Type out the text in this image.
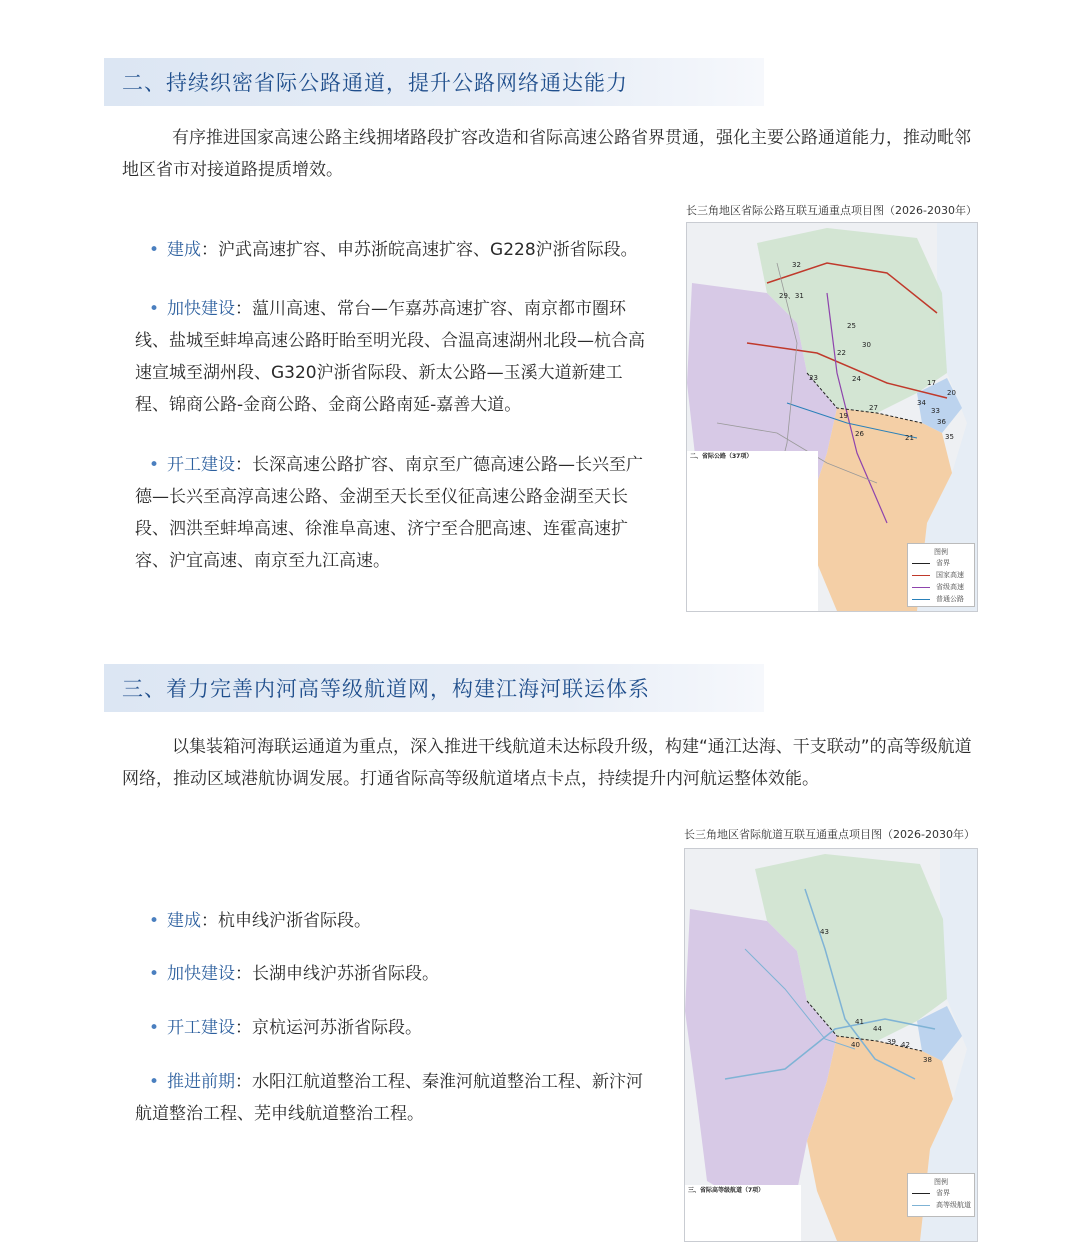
二、持续织密省际公路通道，提升公路网络通达能力

有序推进国家高速公路主线拥堵路段扩容改造和省际高速公路省界贯通，强化主要公路通道能力，推动毗邻地区省市对接道路提质增效。

• 建成：沪武高速扩容、申苏浙皖高速扩容、G228沪浙省际段。

• 加快建设：蕰川高速、常台—乍嘉苏高速扩容、南京都市圈环线、盐城至蚌埠高速公路盱眙至明光段、合温高速湖州北段—杭合高速宣城至湖州段、G320沪浙省际段、新太公路—玉溪大道新建工程、锦商公路-金商公路、金商公路南延-嘉善大道。

• 开工建设：长深高速公路扩容、南京至广德高速公路—长兴至广德—长兴至高淳高速公路、金湖至天长至仪征高速公路金湖至天长段、泗洪至蚌埠高速、徐淮阜高速、济宁至合肥高速、连霍高速扩容、沪宜高速、南京至九江高速。

长三角地区省际公路互联互通重点项目图（2026-2030年）
32
29、31
25
30
22
23	24	17
20
27
34
33
19
26
36
21	35
二、省际公路（37项）
图例
省界
国家高速
省级高速
普通公路
三、着力完善内河高等级航道网，构建江海河联运体系

以集装箱河海联运通道为重点，深入推进干线航道未达标段升级，构建“通江达海、干支联动”的高等级航道网络，推动区域港航协调发展。打通省际高等级航道堵点卡点，持续提升内河航运整体效能。

• 建成：杭申线沪浙省际段。

• 加快建设：长湖申线沪苏浙省际段。

• 开工建设：京杭运河苏浙省际段。

• 推进前期：水阳江航道整治工程、秦淮河航道整治工程、新汴河航道整治工程、芜申线航道整治工程。

长三角地区省际航道互联互通重点项目图（2026-2030年）
43
41
44
40	39 42
38
三、省际高等级航道（7项）
图例
省界
高等级航道
